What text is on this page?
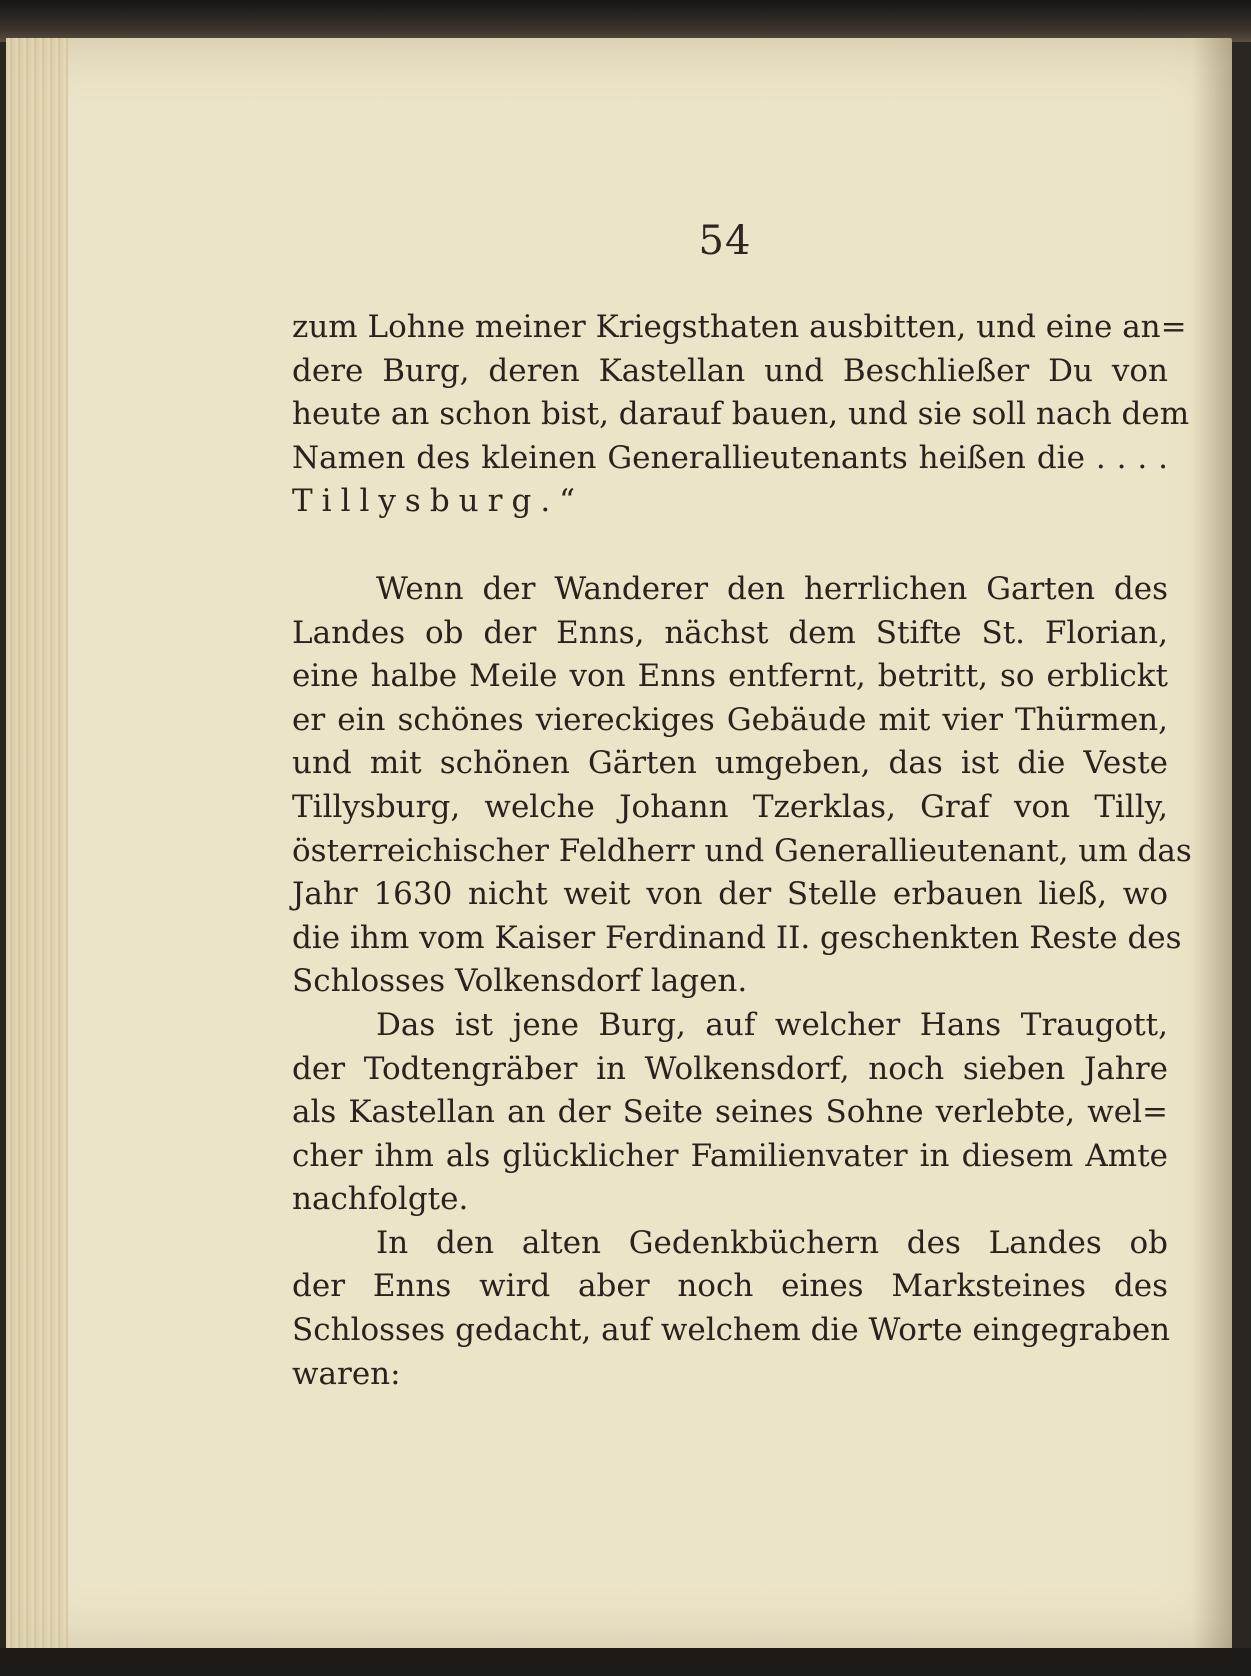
54
zum Lohne meiner Kriegsthaten ausbitten, und eine an=
dere Burg, deren Kastellan und Beschließer Du von
heute an schon bist, darauf bauen, und sie soll nach dem
Namen des kleinen Generallieutenants heißen die . . . .
Tillysburg.“
Wenn der Wanderer den herrlichen Garten des
Landes ob der Enns, nächst dem Stifte St. Florian,
eine halbe Meile von Enns entfernt, betritt, so erblickt
er ein schönes viereckiges Gebäude mit vier Thürmen,
und mit schönen Gärten umgeben, das ist die Veste
Tillysburg, welche Johann Tzerklas, Graf von Tilly,
österreichischer Feldherr und Generallieutenant, um das
Jahr 1630 nicht weit von der Stelle erbauen ließ, wo
die ihm vom Kaiser Ferdinand II. geschenkten Reste des
Schlosses Volkensdorf lagen.
Das ist jene Burg, auf welcher Hans Traugott,
der Todtengräber in Wolkensdorf, noch sieben Jahre
als Kastellan an der Seite seines Sohne verlebte, wel=
cher ihm als glücklicher Familienvater in diesem Amte
nachfolgte.
In den alten Gedenkbüchern des Landes ob
der Enns wird aber noch eines Marksteines des
Schlosses gedacht, auf welchem die Worte eingegraben
waren:
